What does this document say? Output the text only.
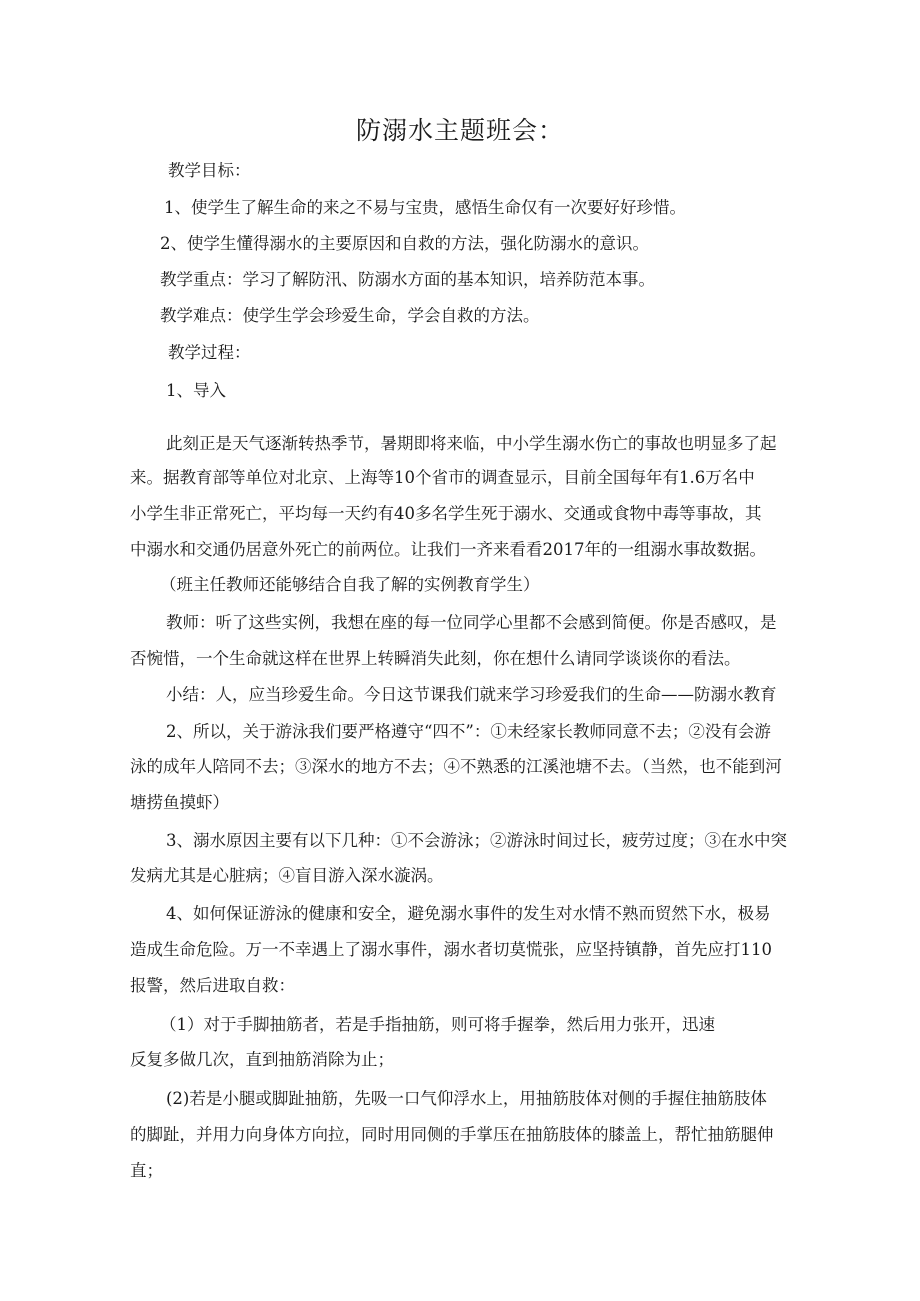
防溺水主题班会：
教学目标：
1、使学生了解生命的来之不易与宝贵，感悟生命仅有一次要好好珍惜。
2、使学生懂得溺水的主要原因和自救的方法，强化防溺水的意识。
教学重点：学习了解防汛、防溺水方面的基本知识，培养防范本事。
教学难点：使学生学会珍爱生命，学会自救的方法。
教学过程：
1、导入
此刻正是天气逐渐转热季节，暑期即将来临，中小学生溺水伤亡的事故也明显多了起
来。据教育部等单位对北京、上海等10个省市的调查显示，目前全国每年有1.6万名中
小学生非正常死亡，平均每一天约有40多名学生死于溺水、交通或食物中毒等事故，其
中溺水和交通仍居意外死亡的前两位。让我们一齐来看看2017年的一组溺水事故数据。
（班主任教师还能够结合自我了解的实例教育学生）
教师：听了这些实例，我想在座的每一位同学心里都不会感到简便。你是否感叹，是
否惋惜，一个生命就这样在世界上转瞬消失此刻，你在想什么请同学谈谈你的看法。
小结：人，应当珍爱生命。今日这节课我们就来学习珍爱我们的生命——防溺水教育
2、所以，关于游泳我们要严格遵守“四不”：①未经家长教师同意不去；②没有会游
泳的成年人陪同不去；③深水的地方不去；④不熟悉的江溪池塘不去。（当然，也不能到河
塘捞鱼摸虾）
3、溺水原因主要有以下几种：①不会游泳；②游泳时间过长，疲劳过度；③在水中突
发病尤其是心脏病；④盲目游入深水漩涡。
4、如何保证游泳的健康和安全，避免溺水事件的发生对水情不熟而贸然下水，极易
造成生命危险。万一不幸遇上了溺水事件，溺水者切莫慌张，应坚持镇静，首先应打110
报警，然后进取自救：
（1）对于手脚抽筋者，若是手指抽筋，则可将手握拳，然后用力张开，迅速
反复多做几次，直到抽筋消除为止；
(2)若是小腿或脚趾抽筋，先吸一口气仰浮水上，用抽筋肢体对侧的手握住抽筋肢体
的脚趾，并用力向身体方向拉，同时用同侧的手掌压在抽筋肢体的膝盖上，帮忙抽筋腿伸
直；
